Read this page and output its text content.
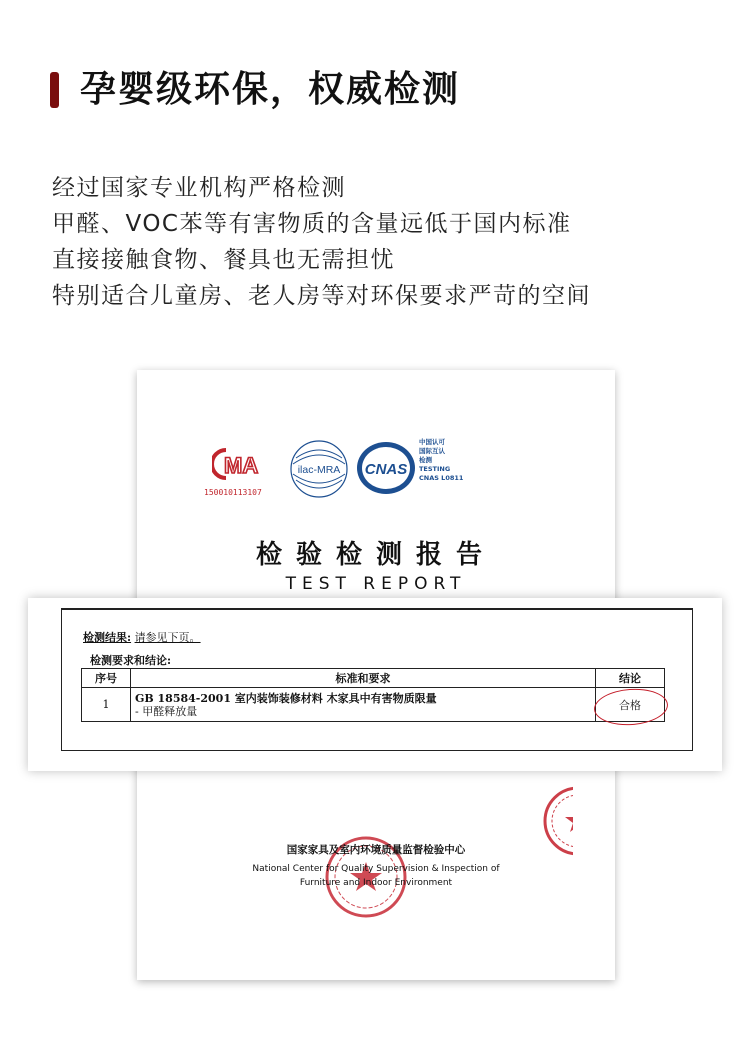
孕婴级环保，权威检测
经过国家专业机构严格检测
甲醛、VOC苯等有害物质的含量远低于国内标准
直接接触食物、餐具也无需担忧
特别适合儿童房、老人房等对环保要求严苛的空间
MA
150010113107
ilac-MRA CNAS
中国认可
国际互认
检测
TESTING
CNAS L0811
检验检测报告
TEST REPORT
国家家具及室内环境质量监督检验中心
National Center for Quality Supervision & Inspection of
Furniture and Indoor Environment
检测结果: 请参见下页。
检测要求和结论:
序号	标准和要求	结论
1	GB 18584-2001 室内装饰装修材料 木家具中有害物质限量
- 甲醛释放量	合格
